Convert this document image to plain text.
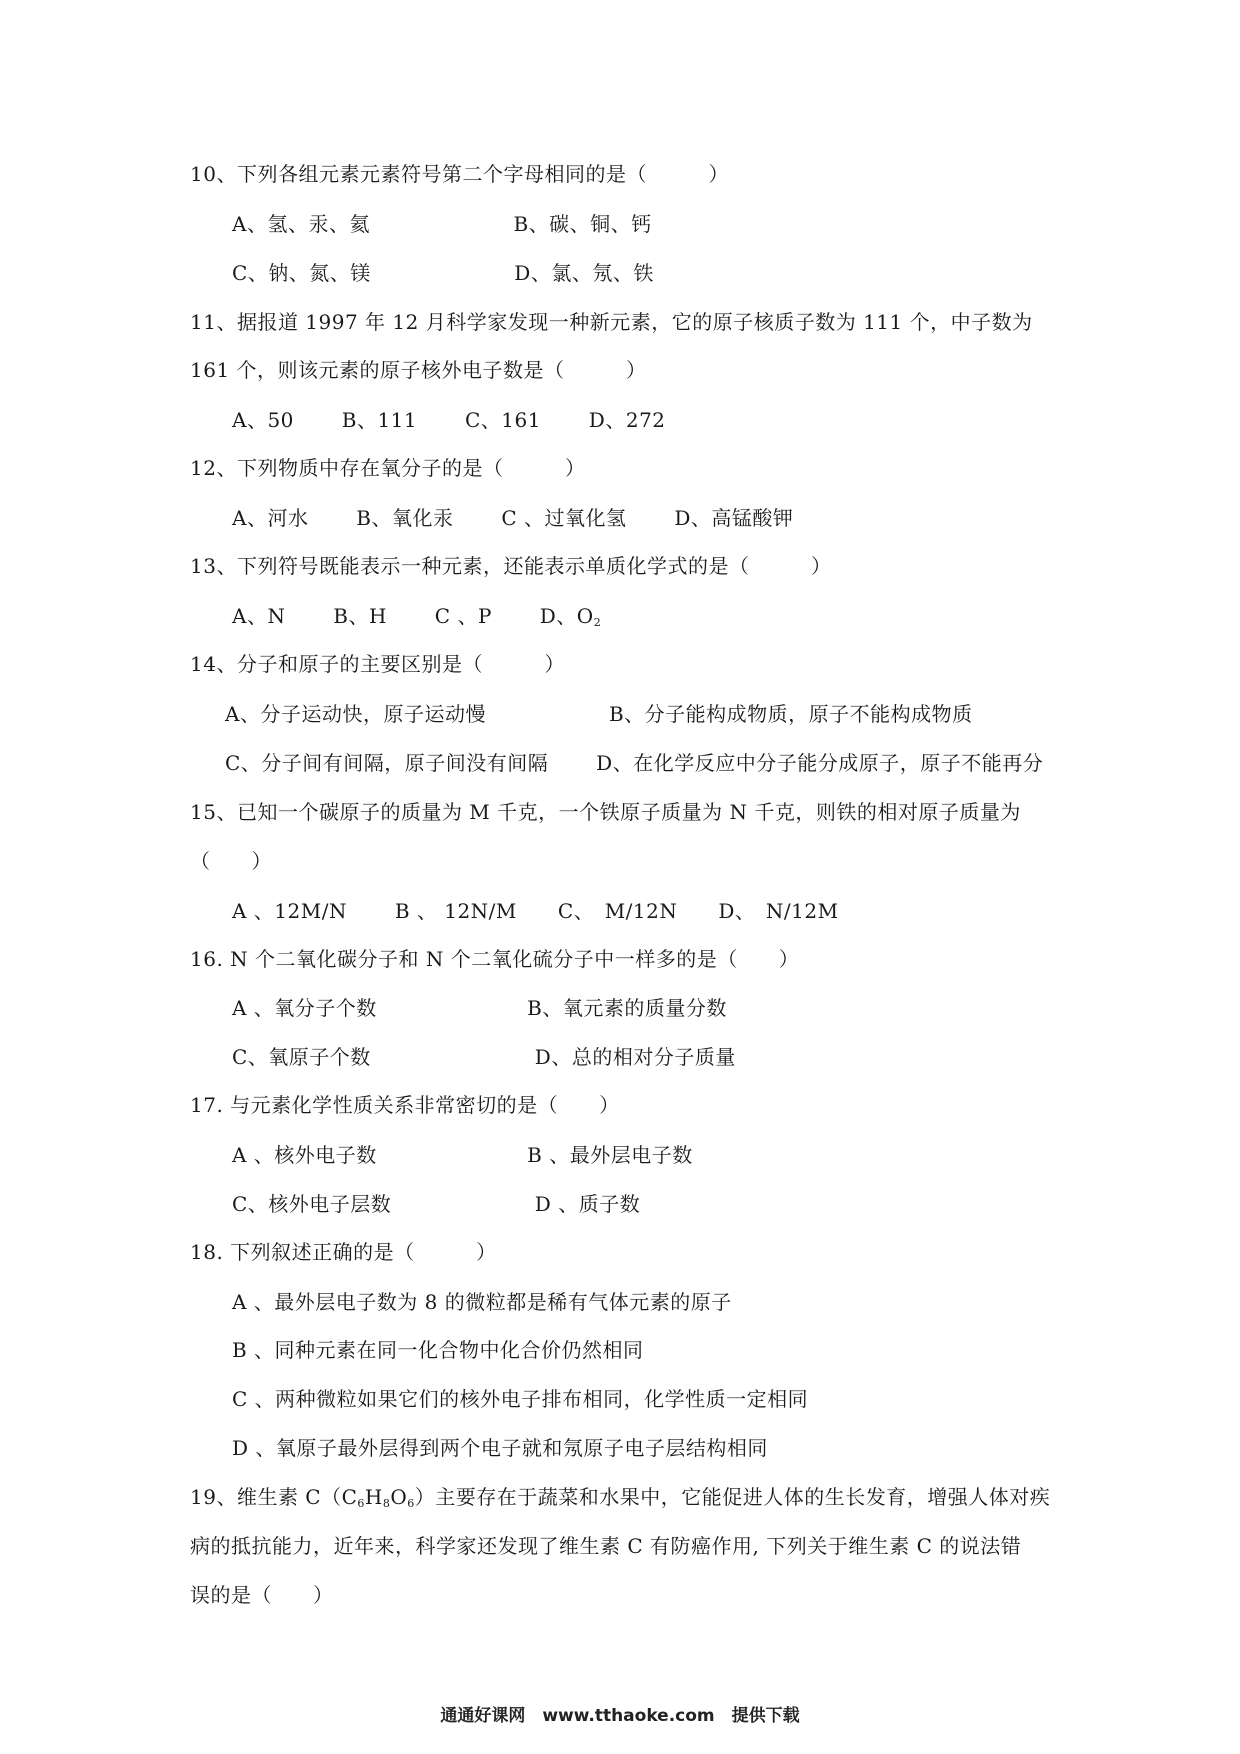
10、下列各组元素元素符号第二个字母相同的是（　　　）
A、氢、汞、氦　　　　　　　B、碳、铜、钙
C、钠、氮、镁　　　　　　　D、氯、氖、铁
11、据报道 1997 年 12 月科学家发现一种新元素，它的原子核质子数为 111 个，中子数为
161 个，则该元素的原子核外电子数是（　　　）
A、50　　 B、111　　 C、161　　 D、272
12、下列物质中存在氧分子的是（　　　）
A、河水　　 B、氧化汞　　 C 、过氧化氢　　 D、高锰酸钾
13、下列符号既能表示一种元素，还能表示单质化学式的是（　　　）
A、N　　 B、H　　 C 、P　　 D、$O_2$
14、分子和原子的主要区别是（　　　）
A、分子运动快，原子运动慢　　　　　　B、分子能构成物质，原子不能构成物质
C、分子间有间隔，原子间没有间隔　　 D、在化学反应中分子能分成原子，原子不能再分
15、已知一个碳原子的质量为 M 千克，一个铁原子质量为 N 千克，则铁的相对原子质量为
（　　）
A 、12M/N　　 B 、 12N/M　　C、　M/12N　　D、　N/12M
16. N 个二氧化碳分子和 N 个二氧化硫分子中一样多的是（　　）
A 、氧分子个数　　　　　　　 B、氧元素的质量分数
C、氧原子个数　　　　　　　　D、总的相对分子质量
17. 与元素化学性质关系非常密切的是（　　）
A 、核外电子数　　　　　　　 B 、最外层电子数
C、核外电子层数　　　　　　　D 、质子数
18. 下列叙述正确的是（　　　）
A 、最外层电子数为 8 的微粒都是稀有气体元素的原子
B 、同种元素在同一化合物中化合价仍然相同
C 、两种微粒如果它们的核外电子排布相同，化学性质一定相同
D 、氧原子最外层得到两个电子就和氖原子电子层结构相同
19、维生素 $C(C_6H_8O_6)$主要存在于蔬菜和水果中，它能促进人体的生长发育，增强人体对疾
病的抵抗能力，近年来，科学家还发现了维生素 C 有防癌作用, 下列关于维生素 C 的说法错
误的是（　　）
通通好课网　www.tthaoke.com　提供下载
